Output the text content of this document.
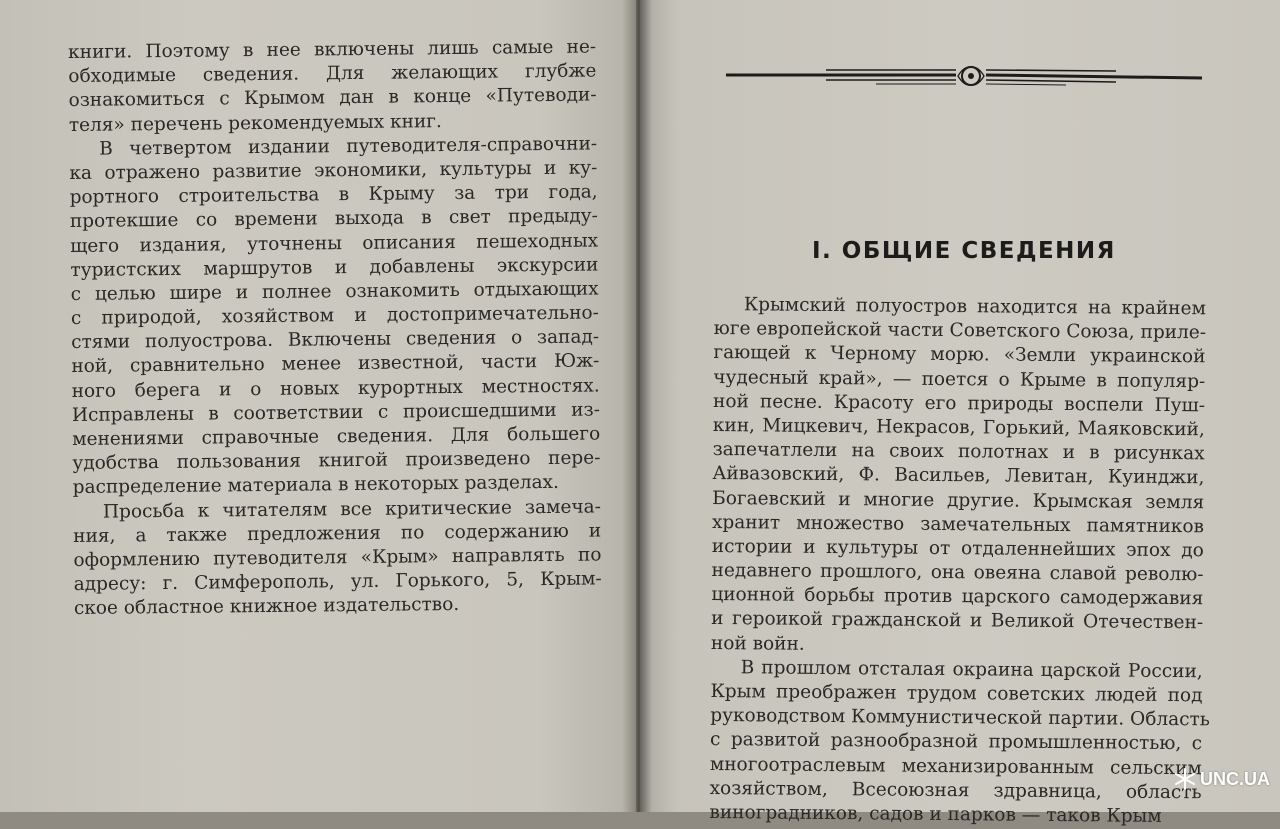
книги. Поэтому в нее включены лишь самые не-
обходимые сведения. Для желающих глубже
ознакомиться с Крымом дан в конце «Путеводи-
теля» перечень рекомендуемых книг.
В четвертом издании путеводителя-справочни-
ка отражено развитие экономики, культуры и ку-
рортного строительства в Крыму за три года,
протекшие со времени выхода в свет предыду-
щего издания, уточнены описания пешеходных
туристских маршрутов и добавлены экскурсии
с целью шире и полнее ознакомить отдыхающих
с природой, хозяйством и достопримечательно-
стями полуострова. Включены сведения о запад-
ной, сравнительно менее известной, части Юж-
ного берега и о новых курортных местностях.
Исправлены в соответствии с происшедшими из-
менениями справочные сведения. Для большего
удобства пользования книгой произведено пере-
распределение материала в некоторых разделах.
Просьба к читателям все критические замеча-
ния, а также предложения по содержанию и
оформлению путеводителя «Крым» направлять по
адресу: г. Симферополь, ул. Горького, 5, Крым-
ское областное книжное издательство.
I. ОБЩИЕ СВЕДЕНИЯ
Крымский полуостров находится на крайнем
юге европейской части Советского Союза, приле-
гающей к Черному морю. «Земли украинской
чудесный край», — поется о Крыме в популяр-
ной песне. Красоту его природы воспели Пуш-
кин, Мицкевич, Некрасов, Горький, Маяковский,
запечатлели на своих полотнах и в рисунках
Айвазовский, Ф. Васильев, Левитан, Куинджи,
Богаевский и многие другие. Крымская земля
хранит множество замечательных памятников
истории и культуры от отдаленнейших эпох до
недавнего прошлого, она овеяна славой револю-
ционной борьбы против царского самодержавия
и героикой гражданской и Великой Отечествен-
ной войн.
В прошлом отсталая окраина царской России,
Крым преображен трудом советских людей под
руководством Коммунистической партии. Область
с развитой разнообразной промышленностью, с
многоотраслевым механизированным сельским
хозяйством, Всесоюзная здравница, область
виноградников, садов и парков — таков Крым
UNC.UA
